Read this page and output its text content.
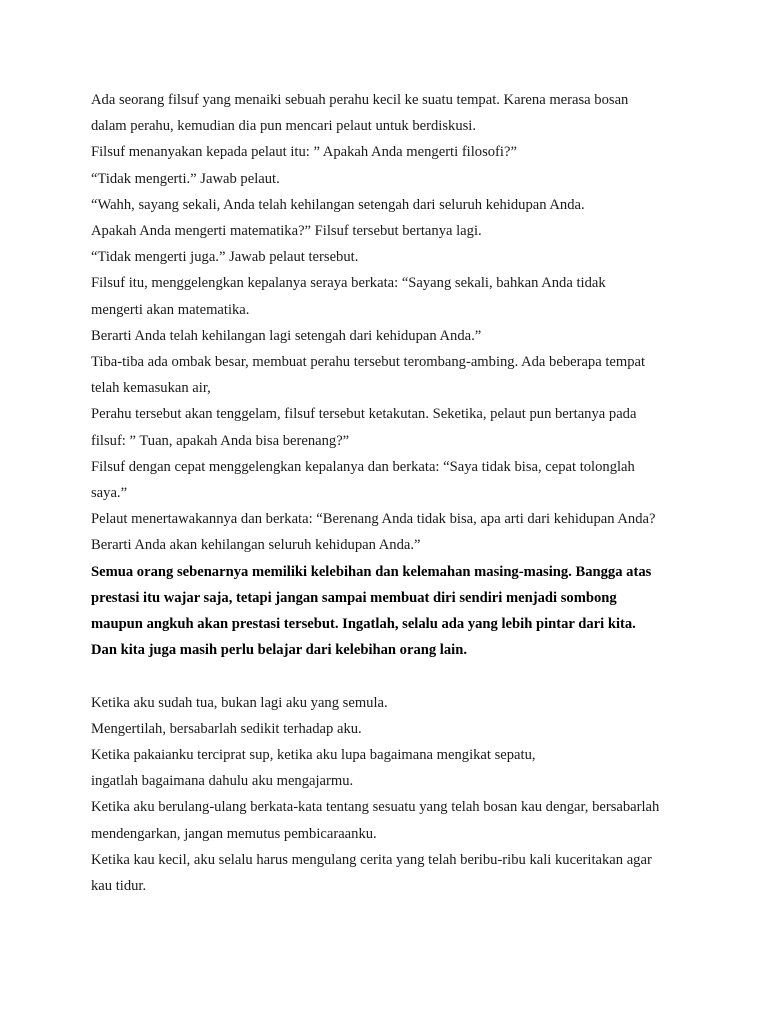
Ada seorang filsuf yang menaiki sebuah perahu kecil ke suatu tempat. Karena merasa bosan
dalam perahu, kemudian dia pun mencari pelaut untuk berdiskusi.
Filsuf menanyakan kepada pelaut itu: ” Apakah Anda mengerti filosofi?”
“Tidak mengerti.” Jawab pelaut.
“Wahh, sayang sekali, Anda telah kehilangan setengah dari seluruh kehidupan Anda.
Apakah Anda mengerti matematika?” Filsuf tersebut bertanya lagi.
“Tidak mengerti juga.” Jawab pelaut tersebut.
Filsuf itu, menggelengkan kepalanya seraya berkata: “Sayang sekali, bahkan Anda tidak
mengerti akan matematika.
Berarti Anda telah kehilangan lagi setengah dari kehidupan Anda.”
Tiba-tiba ada ombak besar, membuat perahu tersebut terombang-ambing. Ada beberapa tempat
telah kemasukan air,
Perahu tersebut akan tenggelam, filsuf tersebut ketakutan. Seketika, pelaut pun bertanya pada
filsuf: ” Tuan, apakah Anda bisa berenang?”
Filsuf dengan cepat menggelengkan kepalanya dan berkata: “Saya tidak bisa, cepat tolonglah
saya.”
Pelaut menertawakannya dan berkata: “Berenang Anda tidak bisa, apa arti dari kehidupan Anda?
Berarti Anda akan kehilangan seluruh kehidupan Anda.”
Semua orang sebenarnya memiliki kelebihan dan kelemahan masing-masing. Bangga atas
prestasi itu wajar saja, tetapi jangan sampai membuat diri sendiri menjadi sombong
maupun angkuh akan prestasi tersebut. Ingatlah, selalu ada yang lebih pintar dari kita.
Dan kita juga masih perlu belajar dari kelebihan orang lain.
Ketika aku sudah tua, bukan lagi aku yang semula.
Mengertilah, bersabarlah sedikit terhadap aku.
Ketika pakaianku terciprat sup, ketika aku lupa bagaimana mengikat sepatu,
ingatlah bagaimana dahulu aku mengajarmu.
Ketika aku berulang-ulang berkata-kata tentang sesuatu yang telah bosan kau dengar, bersabarlah
mendengarkan, jangan memutus pembicaraanku.
Ketika kau kecil, aku selalu harus mengulang cerita yang telah beribu-ribu kali kuceritakan agar
kau tidur.
